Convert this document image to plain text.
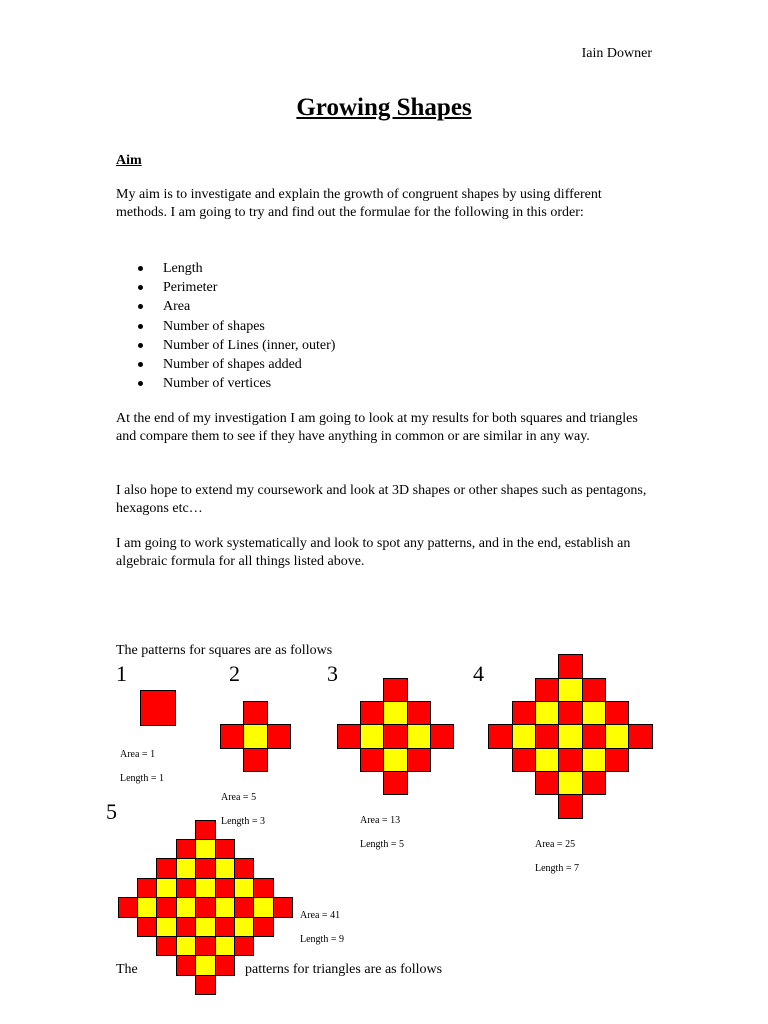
Iain Downer
Growing Shapes
Aim

My aim is to investigate and explain the growth of congruent shapes by using different methods. I am going to try and find out the formulae for the following in this order:

Length
Perimeter
Area
Number of shapes
Number of Lines (inner, outer)
Number of shapes added
Number of vertices

At the end of my investigation I am going to look at my results for both squares and triangles and compare them to see if they have anything in common or are similar in any way.

I also hope to extend my coursework and look at 3D shapes or other shapes such as pentagons, hexagons etc…

I am going to work systematically and look to spot any patterns, and in the end, establish an algebraic formula for all things listed above.

The patterns for squares are as follows
1

Area = 1

Length = 1

2

Area = 5

Length = 3

3

Area = 13

Length = 5

4

Area = 25

Length = 7

5

Area = 41

Length = 9

The	patterns for triangles are as follows
